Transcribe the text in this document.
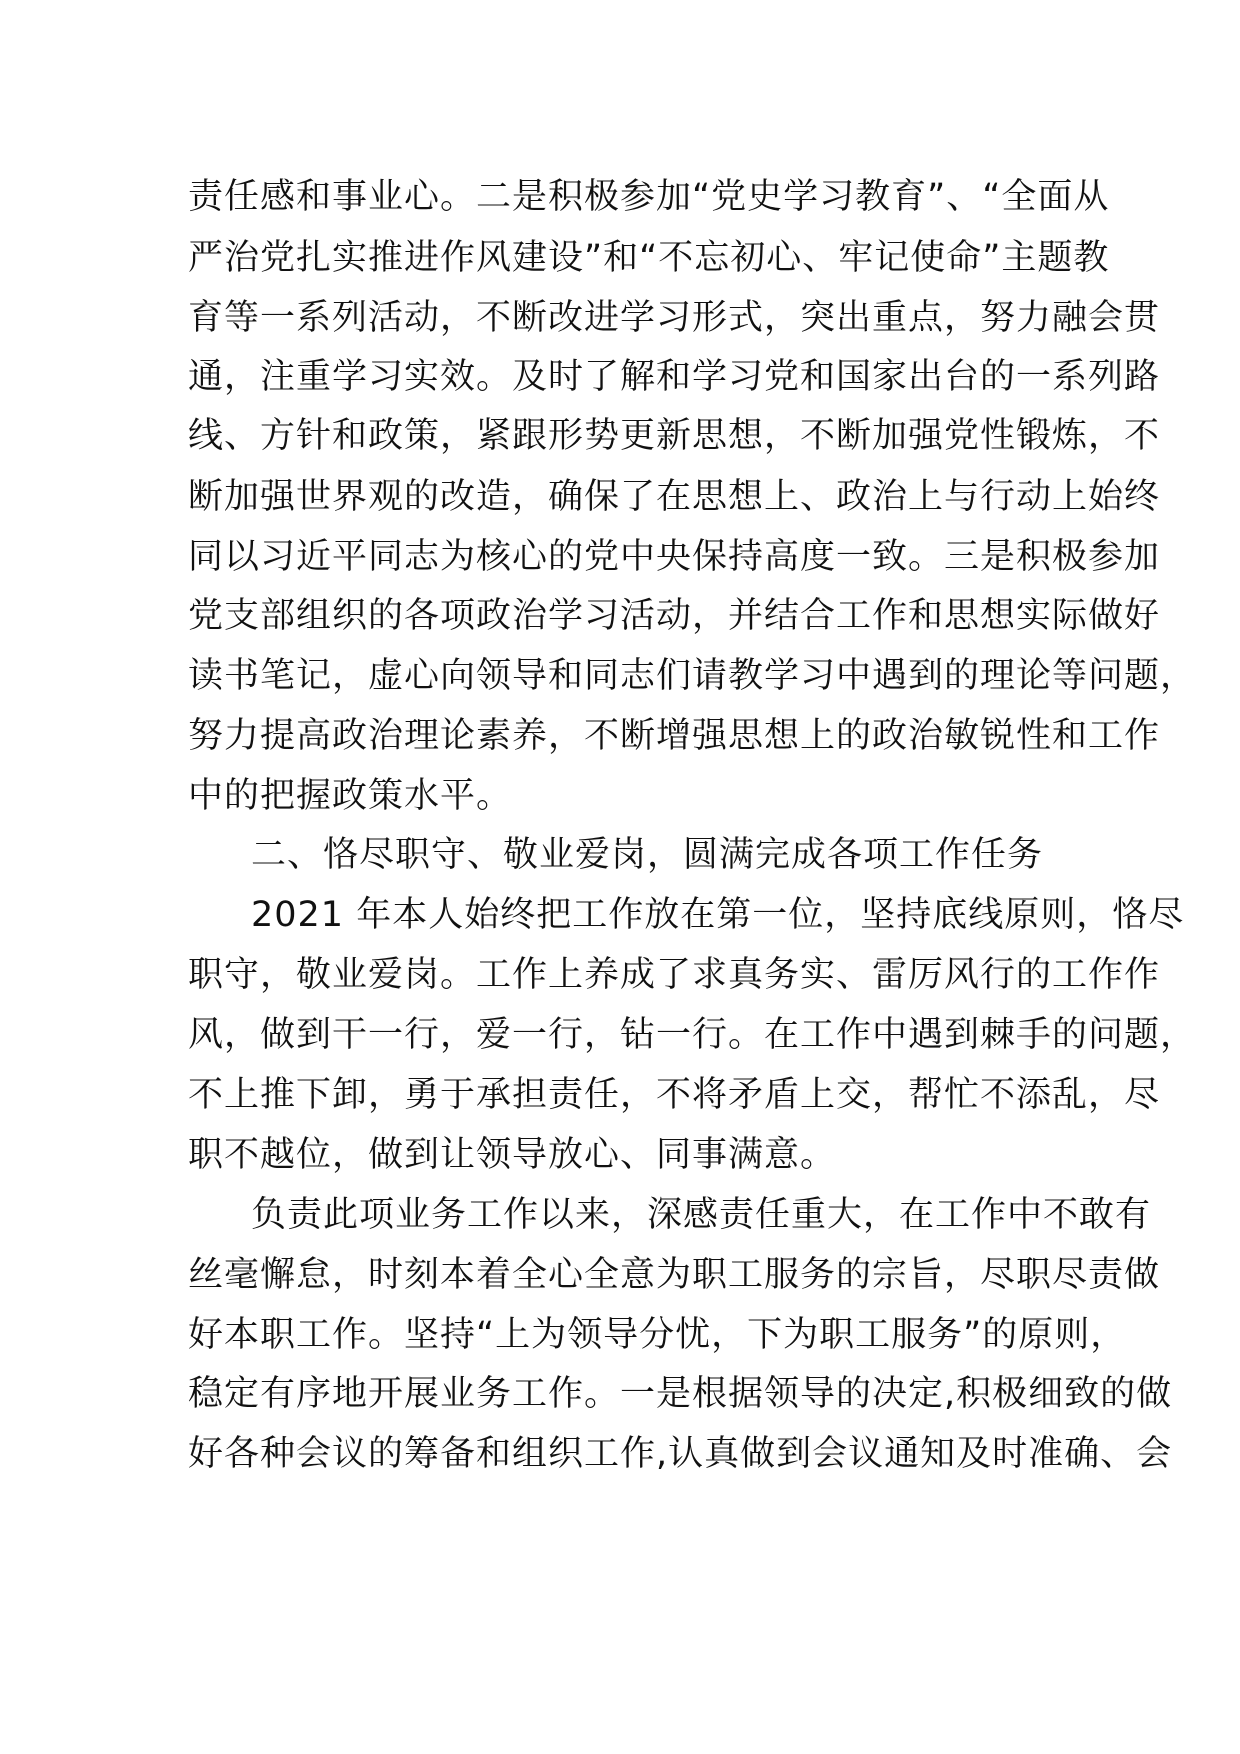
责任感和事业心。二是积极参加“党史学习教育”、“全面从
严治党扎实推进作风建设”和“不忘初心、牢记使命”主题教
育等一系列活动，不断改进学习形式，突出重点，努力融会贯
通，注重学习实效。及时了解和学习党和国家出台的一系列路
线、方针和政策，紧跟形势更新思想，不断加强党性锻炼，不
断加强世界观的改造，确保了在思想上、政治上与行动上始终
同以习近平同志为核心的党中央保持高度一致。三是积极参加
党支部组织的各项政治学习活动，并结合工作和思想实际做好
读书笔记，虚心向领导和同志们请教学习中遇到的理论等问题，
努力提高政治理论素养，不断增强思想上的政治敏锐性和工作
中的把握政策水平。
二、恪尽职守、敬业爱岗，圆满完成各项工作任务
2021 年本人始终把工作放在第一位，坚持底线原则，恪尽
职守，敬业爱岗。工作上养成了求真务实、雷厉风行的工作作
风，做到干一行，爱一行，钻一行。在工作中遇到棘手的问题，
不上推下卸，勇于承担责任，不将矛盾上交，帮忙不添乱，尽
职不越位，做到让领导放心、同事满意。
负责此项业务工作以来，深感责任重大，在工作中不敢有
丝毫懈怠，时刻本着全心全意为职工服务的宗旨，尽职尽责做
好本职工作。坚持“上为领导分忧，下为职工服务”的原则，
稳定有序地开展业务工作。一是根据领导的决定,积极细致的做
好各种会议的筹备和组织工作,认真做到会议通知及时准确、会
